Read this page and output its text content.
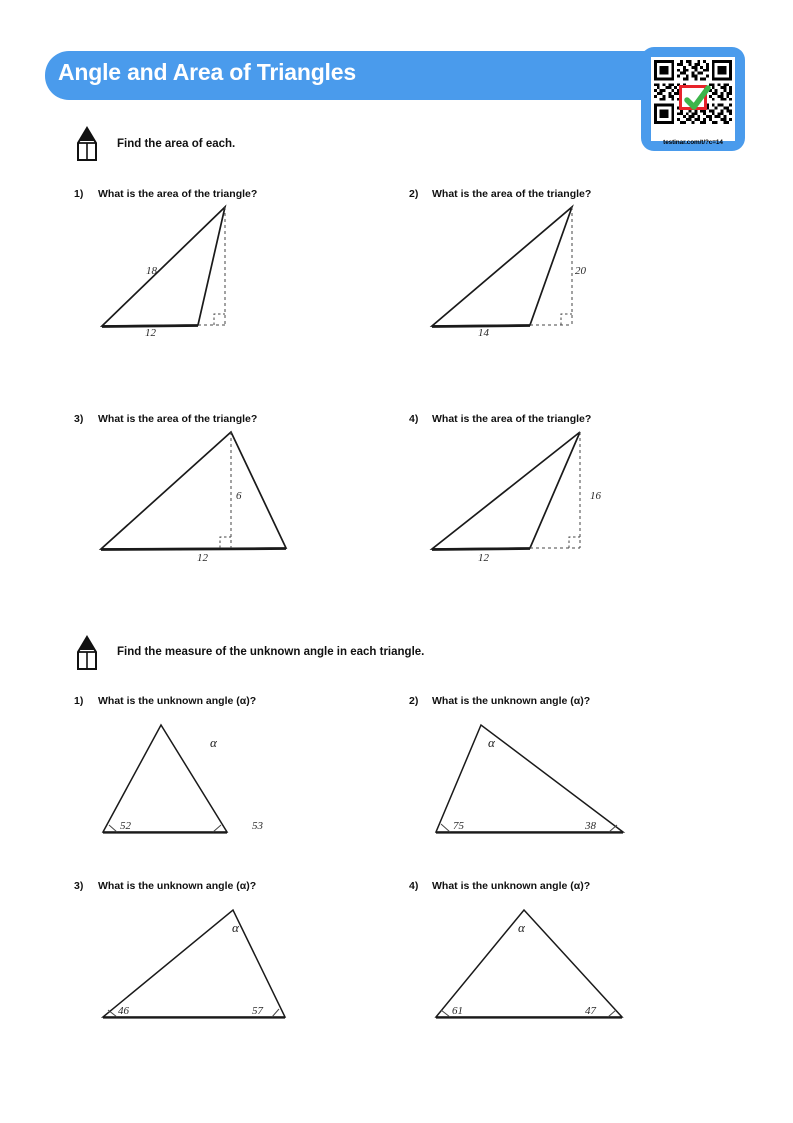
Angle and Area of Triangles
testinar.com/t/?c=14
Find the area of each.
1) What is the area of the triangle?
18
12
2) What is the area of the triangle?
20
14
3) What is the area of the triangle?
6
12
4) What is the area of the triangle?
16
12
Find the measure of the unknown angle in each triangle.
1) What is the unknown angle (α)?
α
52	53
2) What is the unknown angle (α)?
α
75	38
3) What is the unknown angle (α)?
α
46	57
4) What is the unknown angle (α)?
α
61	47
